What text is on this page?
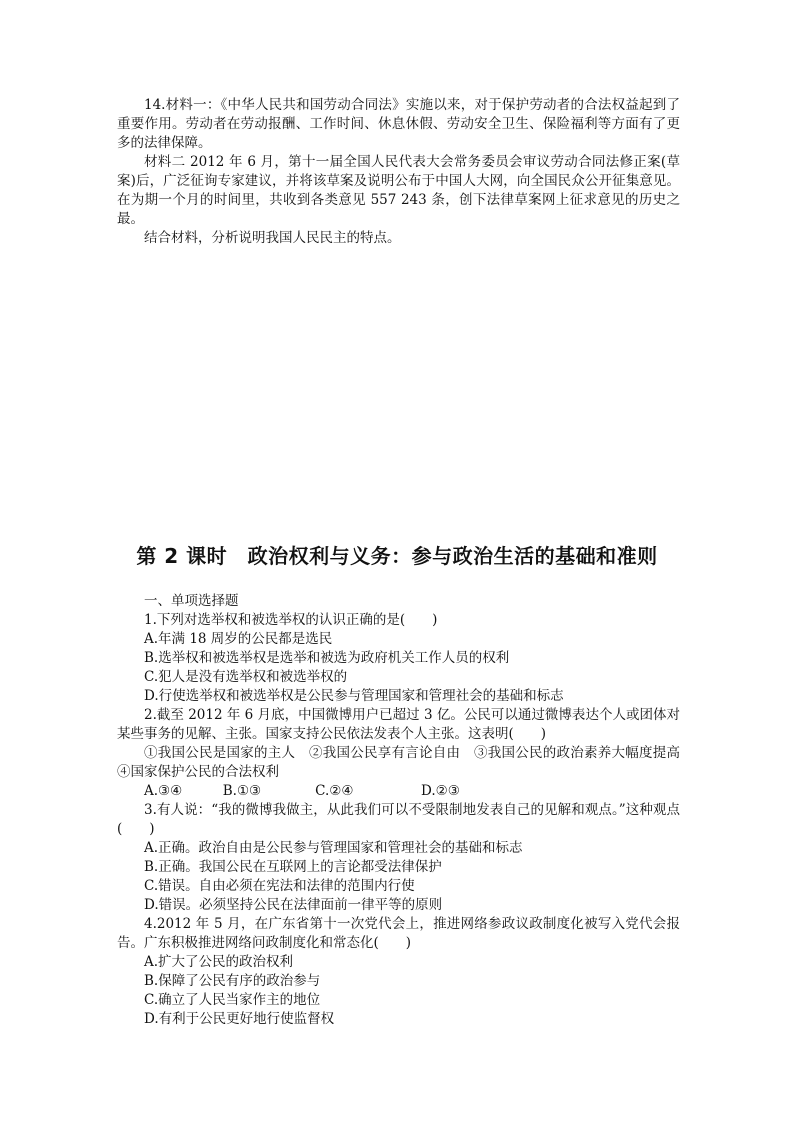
14.材料一：《中华人民共和国劳动合同法》实施以来，对于保护劳动者的合法权益起到了重要作用。劳动者在劳动报酬、工作时间、休息休假、劳动安全卫生、保险福利等方面有了更多的法律保障。

材料二 2012 年 6 月，第十一届全国人民代表大会常务委员会审议劳动合同法修正案(草案)后，广泛征询专家建议，并将该草案及说明公布于中国人大网，向全国民众公开征集意见。在为期一个月的时间里，共收到各类意见 557 243 条，创下法律草案网上征求意见的历史之最。

结合材料，分析说明我国人民民主的特点。

第 2 课时　政治权利与义务：参与政治生活的基础和准则

一、单项选择题

1.下列对选举权和被选举权的认识正确的是(　　)

A.年满 18 周岁的公民都是选民

B.选举权和被选举权是选举和被选为政府机关工作人员的权利

C.犯人是没有选举权和被选举权的

D.行使选举权和被选举权是公民参与管理国家和管理社会的基础和标志

2.截至 2012 年 6 月底，中国微博用户已超过 3 亿。公民可以通过微博表达个人或团体对某些事务的见解、主张。国家支持公民依法发表个人主张。这表明(　　)

①我国公民是国家的主人　②我国公民享有言论自由　③我国公民的政治素养大幅度提高　④国家保护公民的合法权利

A.③④　　　B.①③　　　　C.②④　　　　　D.②③

3.有人说：“我的微博我做主，从此我们可以不受限制地发表自己的见解和观点。”这种观点(　　)

A.正确。政治自由是公民参与管理国家和管理社会的基础和标志

B.正确。我国公民在互联网上的言论都受法律保护

C.错误。自由必须在宪法和法律的范围内行使

D.错误。必须坚持公民在法律面前一律平等的原则

4.2012 年 5 月，在广东省第十一次党代会上，推进网络参政议政制度化被写入党代会报告。广东积极推进网络问政制度化和常态化(　　)

A.扩大了公民的政治权利

B.保障了公民有序的政治参与

C.确立了人民当家作主的地位

D.有利于公民更好地行使监督权
